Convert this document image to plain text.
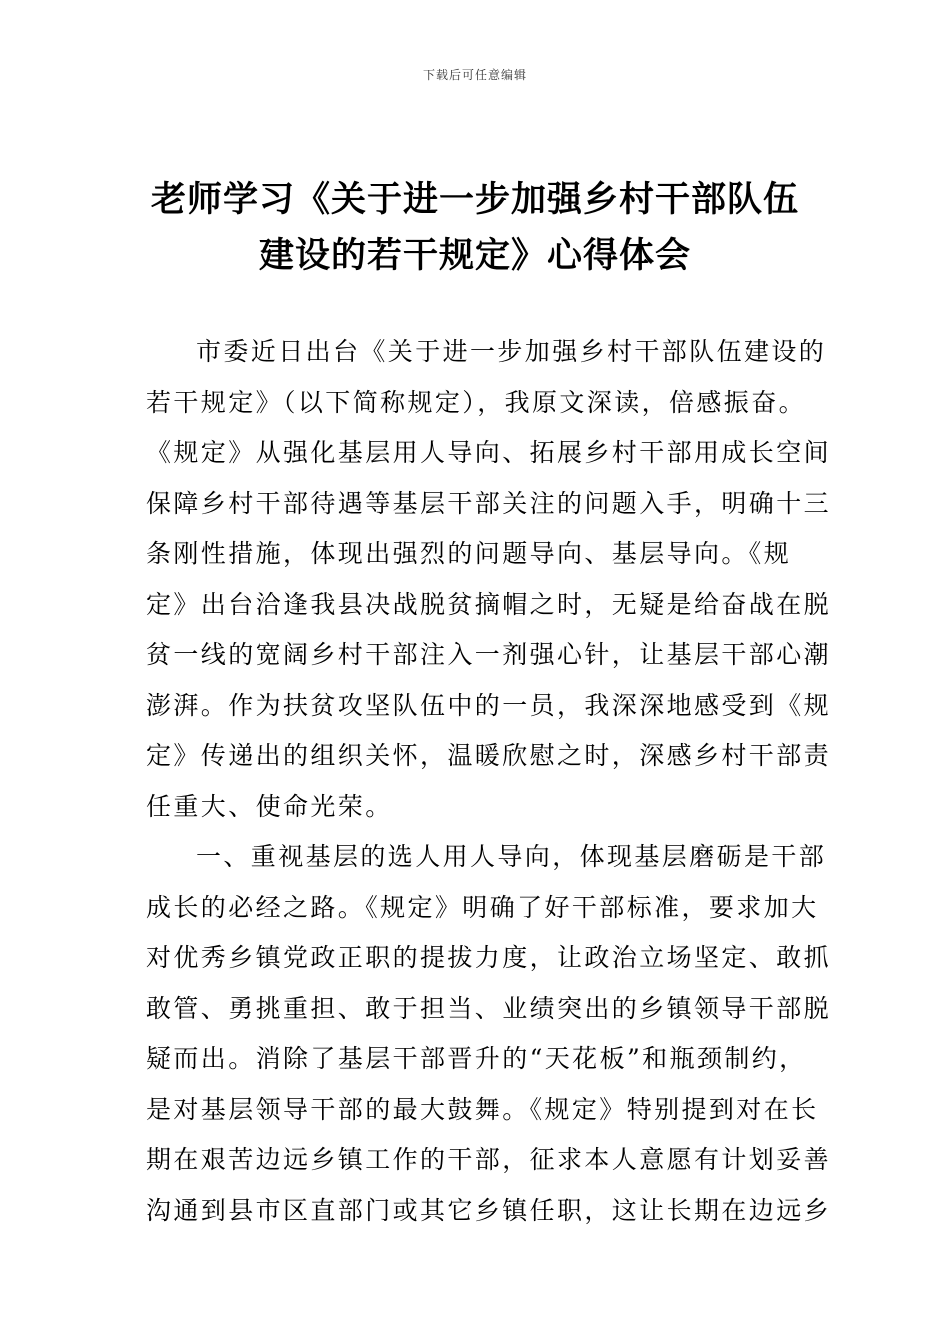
下载后可任意编辑
老师学习《关于进一步加强乡村干部队伍
建设的若干规定》心得体会
市委近日出台《关于进一步加强乡村干部队伍建设的
若干规定》（以下简称规定），我原文深读，倍感振奋。
《规定》从强化基层用人导向、拓展乡村干部用成长空间
保障乡村干部待遇等基层干部关注的问题入手，明确十三
条刚性措施，体现出强烈的问题导向、基层导向。《规
定》出台洽逢我县决战脱贫摘帽之时，无疑是给奋战在脱
贫一线的宽阔乡村干部注入一剂强心针，让基层干部心潮
澎湃。作为扶贫攻坚队伍中的一员，我深深地感受到《规
定》传递出的组织关怀，温暖欣慰之时，深感乡村干部责
任重大、使命光荣。
一、重视基层的选人用人导向，体现基层磨砺是干部
成长的必经之路。《规定》明确了好干部标准，要求加大
对优秀乡镇党政正职的提拔力度，让政治立场坚定、敢抓
敢管、勇挑重担、敢于担当、业绩突出的乡镇领导干部脱
疑而出。消除了基层干部晋升的“天花板”和瓶颈制约，
是对基层领导干部的最大鼓舞。《规定》特别提到对在长
期在艰苦边远乡镇工作的干部，征求本人意愿有计划妥善
沟通到县市区直部门或其它乡镇任职，这让长期在边远乡
